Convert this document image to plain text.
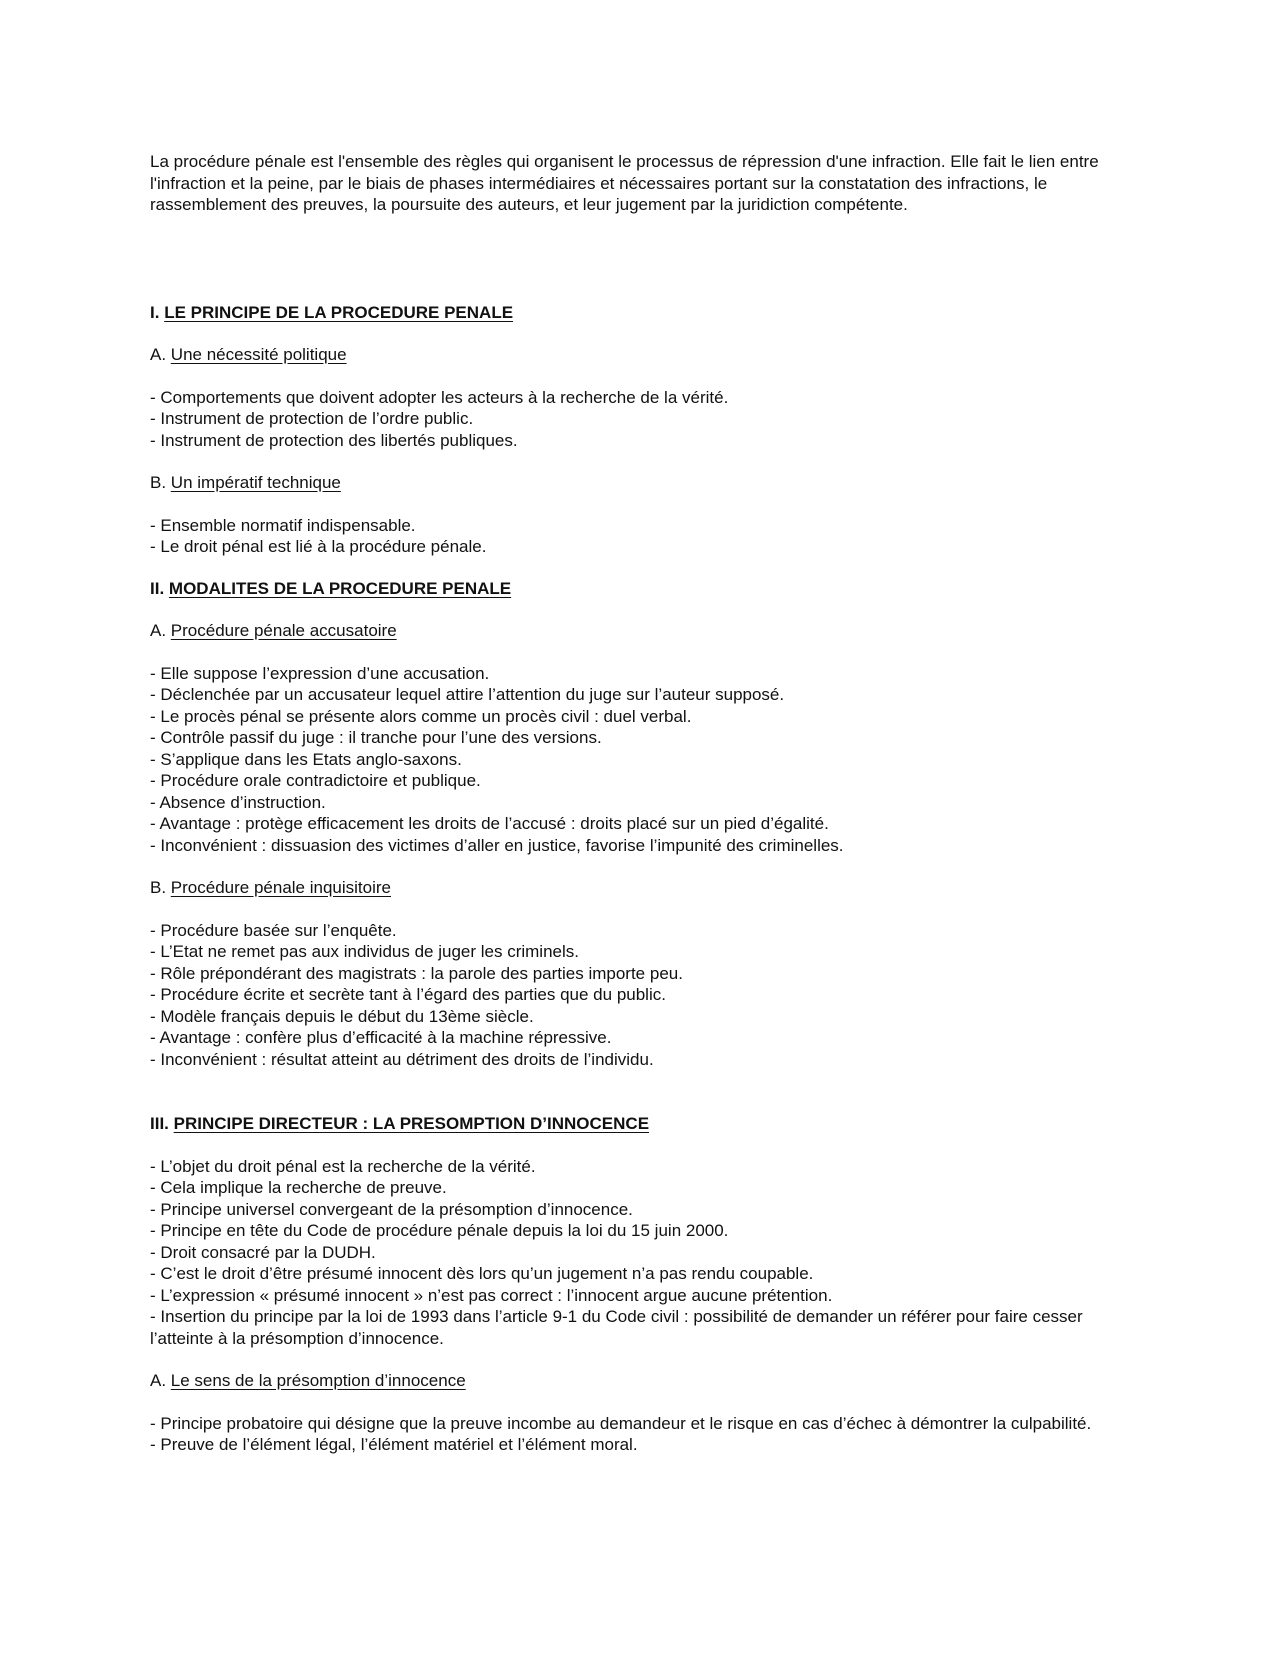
La procédure pénale est l'ensemble des règles qui organisent le processus de répression d'une infraction. Elle fait le lien entre l'infraction et la peine, par le biais de phases intermédiaires et nécessaires portant sur la constatation des infractions, le rassemblement des preuves, la poursuite des auteurs, et leur jugement par la juridiction compétente.

I. LE PRINCIPE DE LA PROCEDURE PENALE

A. Une nécessité politique

- Comportements que doivent adopter les acteurs à la recherche de la vérité.
- Instrument de protection de l’ordre public.
- Instrument de protection des libertés publiques.

B. Un impératif technique

- Ensemble normatif indispensable.
- Le droit pénal est lié à la procédure pénale.

II. MODALITES DE LA PROCEDURE PENALE

A. Procédure pénale accusatoire

- Elle suppose l’expression d’une accusation.
- Déclenchée par un accusateur lequel attire l’attention du juge sur l’auteur supposé.
- Le procès pénal se présente alors comme un procès civil : duel verbal.
- Contrôle passif du juge : il tranche pour l’une des versions.
- S’applique dans les Etats anglo-saxons.
- Procédure orale contradictoire et publique.
- Absence d’instruction.
- Avantage : protège efficacement les droits de l’accusé : droits placé sur un pied d’égalité.
- Inconvénient : dissuasion des victimes d’aller en justice, favorise l’impunité des criminelles.

B. Procédure pénale inquisitoire

- Procédure basée sur l’enquête.
- L’Etat ne remet pas aux individus de juger les criminels.
- Rôle prépondérant des magistrats : la parole des parties importe peu.
- Procédure écrite et secrète tant à l’égard des parties que du public.
- Modèle français depuis le début du 13ème siècle.
- Avantage : confère plus d’efficacité à la machine répressive.
- Inconvénient : résultat atteint au détriment des droits de l’individu.

III. PRINCIPE DIRECTEUR : LA PRESOMPTION D’INNOCENCE

- L’objet du droit pénal est la recherche de la vérité.
- Cela implique la recherche de preuve.
- Principe universel convergeant de la présomption d’innocence.
- Principe en tête du Code de procédure pénale depuis la loi du 15 juin 2000.
- Droit consacré par la DUDH.
- C’est le droit d’être présumé innocent dès lors qu’un jugement n’a pas rendu coupable.
- L’expression « présumé innocent » n’est pas correct : l’innocent argue aucune prétention.
- Insertion du principe par la loi de 1993 dans l’article 9-1 du Code civil : possibilité de demander un référer pour faire cesser l’atteinte à la présomption d’innocence.

A. Le sens de la présomption d’innocence

- Principe probatoire qui désigne que la preuve incombe au demandeur et le risque en cas d’échec à démontrer la culpabilité.
- Preuve de l’élément légal, l’élément matériel et l’élément moral.
